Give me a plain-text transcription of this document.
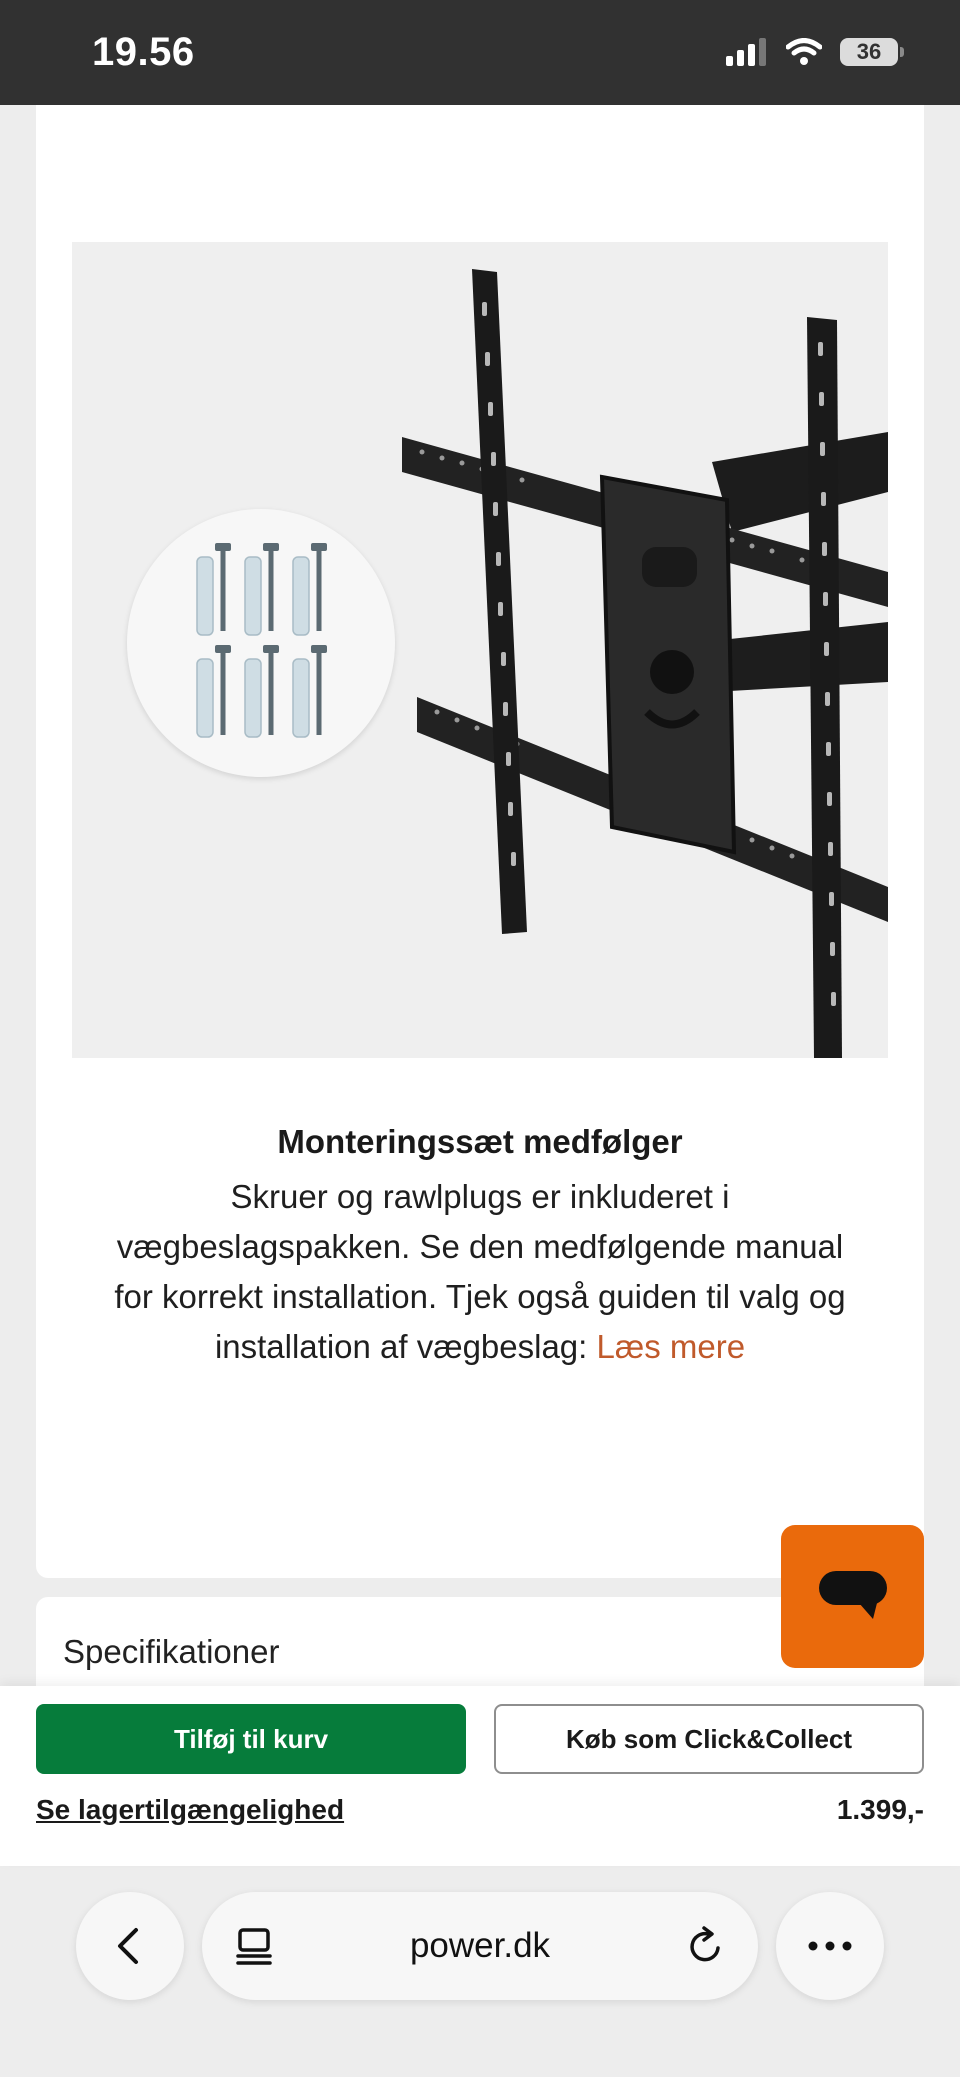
19.56	36
Monteringssæt medfølger
Skruer og rawlplugs er inkluderet i vægbeslagspakken. Se den medfølgende manual for korrekt installation. Tjek også guiden til valg og installation af vægbeslag: Læs mere
Specifikationer
Tilføj til kurv	Køb som Click&Collect
Se lagertilgængelighed	1.399,-
power.dk
